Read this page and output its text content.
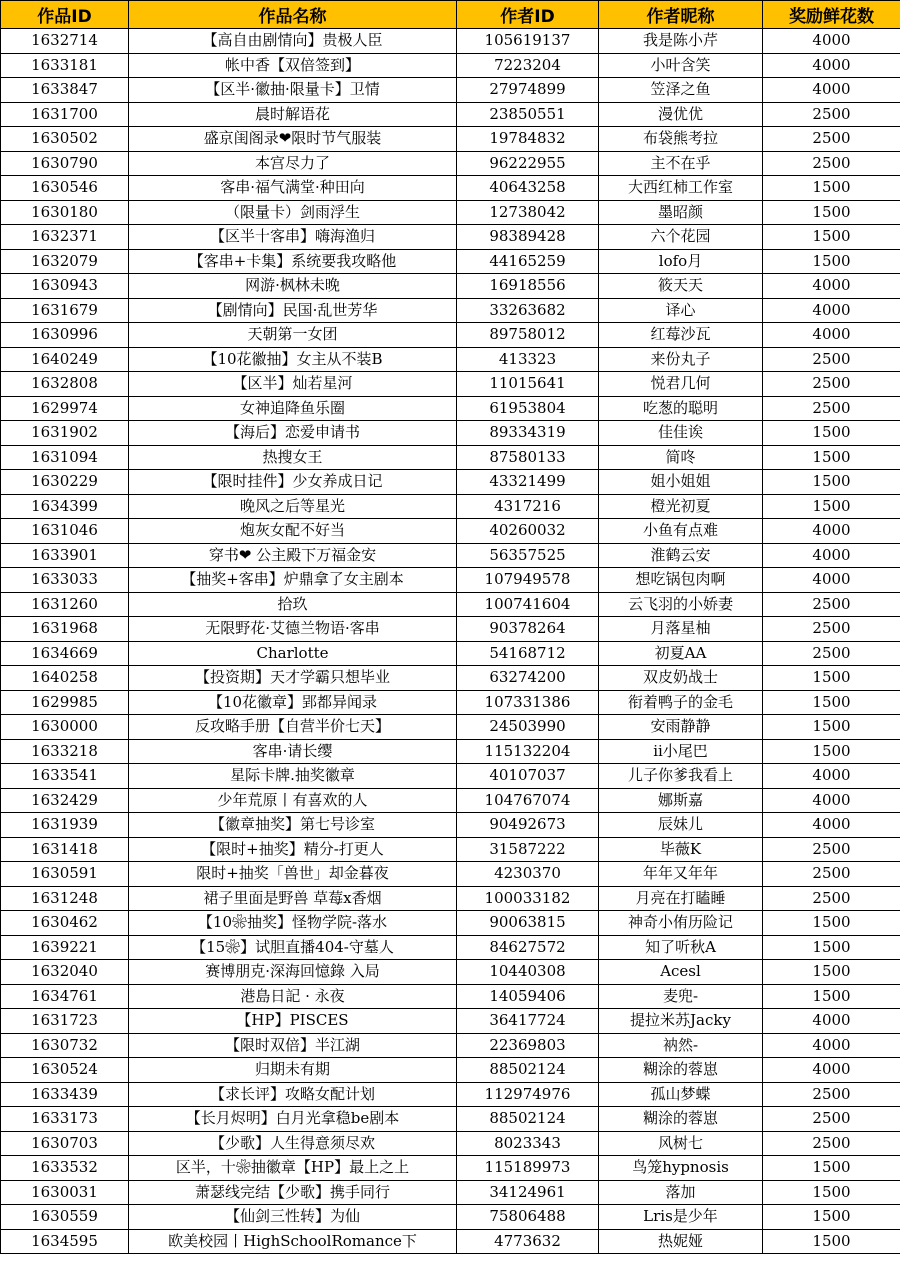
作品ID	作品名称	作者ID	作者昵称	奖励鲜花数
1632714	【高自由剧情向】贵极人臣	105619137	我是陈小芹	4000
1633181	帐中香【双倍签到】	7223204	小叶含笑	4000
1633847	【区半·徽抽·限量卡】卫情	27974899	笠泽之鱼	4000
1631700	晨时解语花	23850551	漫优优	2500
1630502	盛京闺阁录❤限时节气服装	19784832	布袋熊考拉	2500
1630790	本宫尽力了	96222955	主不在乎	2500
1630546	客串·福气满堂·种田向	40643258	大西红柿工作室	1500
1630180	（限量卡）剑雨浮生	12738042	墨昭颜	1500
1632371	【区半十客串】嗨海渔归	98389428	六个花园	1500
1632079	【客串+卡集】系统要我攻略他	44165259	lofo月	1500
1630943	网游·枫林未晚	16918556	筱天天	4000
1631679	【剧情向】民国·乱世芳华	33263682	译心	4000
1630996	天朝第一女团	89758012	红莓沙瓦	4000
1640249	【10花徽抽】女主从不装B	413323	来份丸子	2500
1632808	【区半】灿若星河	11015641	悦君几何	2500
1629974	女神追降鱼乐圈	61953804	吃葱的聪明	2500
1631902	【海后】恋爱申请书	89334319	佳佳诶	1500
1631094	热搜女王	87580133	简咚	1500
1630229	【限时挂件】少女养成日记	43321499	姐小姐姐	1500
1634399	晚风之后等星光	4317216	橙光初夏	1500
1631046	炮灰女配不好当	40260032	小鱼有点难	4000
1633901	穿书❤ 公主殿下万福金安	56357525	淮鹤云安	4000
1633033	【抽奖+客串】炉鼎拿了女主剧本	107949578	想吃锅包肉啊	4000
1631260	拾玖	100741604	云飞羽的小娇妻	2500
1631968	无限野花·艾德兰物语·客串	90378264	月落星柚	2500
1634669	Charlotte	54168712	初夏AA	2500
1640258	【投资期】天才学霸只想毕业	63274200	双皮奶战士	1500
1629985	【10花徽章】郢都异闻录	107331386	衔着鸭子的金毛	1500
1630000	反攻略手册【自营半价七天】	24503990	安雨静静	1500
1633218	客串·请长缨	115132204	ii小尾巴	1500
1633541	星际卡牌.抽奖徽章	40107037	儿子你爹我看上	4000
1632429	少年荒原丨有喜欢的人	104767074	娜斯嘉	4000
1631939	【徽章抽奖】第七号诊室	90492673	辰妹儿	4000
1631418	【限时+抽奖】精分-打更人	31587222	毕薇K	2500
1630591	限时+抽奖「兽世」却金暮夜	4230370	年年又年年	2500
1631248	裙子里面是野兽 草莓x香烟	100033182	月亮在打瞌睡	2500
1630462	【10❀抽奖】怪物学院-落水	90063815	神奇小侑历险记	1500
1639221	【15❀】试胆直播404-守墓人	84627572	知了听秋A	1500
1632040	赛博朋克·深海回憶錄 入局	10440308	Acesl	1500
1634761	港島日記 · 永夜	14059406	麦兜-	1500
1631723	【HP】PISCES	36417724	提拉米苏Jacky	4000
1630732	【限时双倍】半江湖	22369803	衲然-	4000
1630524	归期未有期	88502124	糊涂的蓉崽	4000
1633439	【求长评】攻略女配计划	112974976	孤山梦蝶	2500
1633173	【长月烬明】白月光拿稳be剧本	88502124	糊涂的蓉崽	2500
1630703	【少歌】人生得意须尽欢	8023343	风树七	2500
1633532	区半，十❀抽徽章【HP】最上之上	115189973	鸟笼hypnosis	1500
1630031	萧瑟线完结【少歌】携手同行	34124961	落加	1500
1630559	【仙剑三性转】为仙	75806488	Lris是少年	1500
1634595	欧美校园丨HighSchoolRomance下	4773632	热妮娅	1500
